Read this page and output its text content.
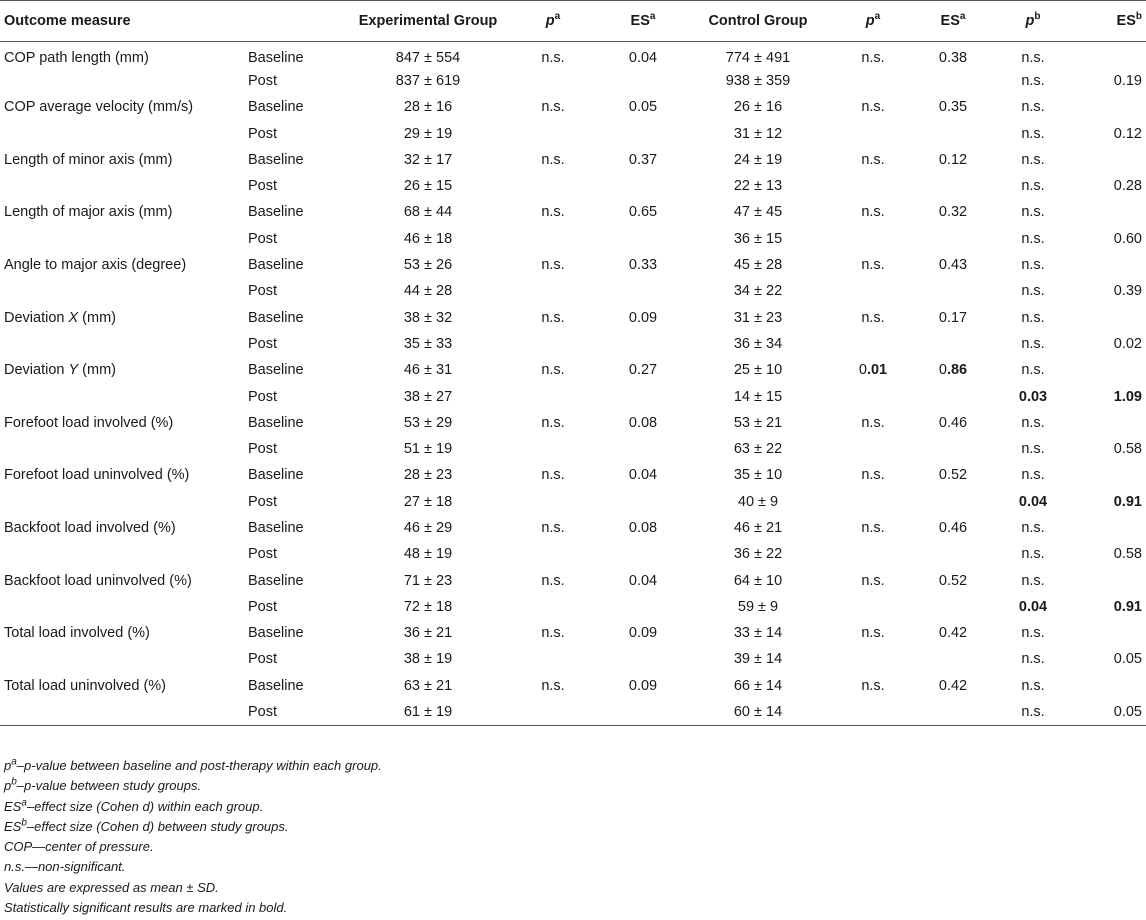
Outcome measure		Experimental Group	$p^a$	$ES^a$	Control Group	$p^a$	$ES^a$	$p^b$	$ES^b$
COP path length (mm)	Baseline	847 ± 554	n.s.	0.04	774 ± 491	n.s.	0.38	n.s.	
	Post	837 ± 619			938 ± 359			n.s.	0.19
COP average velocity (mm/s)	Baseline	28 ± 16	n.s.	0.05	26 ± 16	n.s.	0.35	n.s.	
	Post	29 ± 19			31 ± 12			n.s.	0.12
Length of minor axis (mm)	Baseline	32 ± 17	n.s.	0.37	24 ± 19	n.s.	0.12	n.s.	
	Post	26 ± 15			22 ± 13			n.s.	0.28
Length of major axis (mm)	Baseline	68 ± 44	n.s.	0.65	47 ± 45	n.s.	0.32	n.s.	
	Post	46 ± 18			36 ± 15			n.s.	0.60
Angle to major axis (degree)	Baseline	53 ± 26	n.s.	0.33	45 ± 28	n.s.	0.43	n.s.	
	Post	44 ± 28			34 ± 22			n.s.	0.39
Deviation X (mm)	Baseline	38 ± 32	n.s.	0.09	31 ± 23	n.s.	0.17	n.s.	
	Post	35 ± 33			36 ± 34			n.s.	0.02
Deviation Y (mm)	Baseline	46 ± 31	n.s.	0.27	25 ± 10	0.01	0.86	n.s.	
	Post	38 ± 27			14 ± 15			0.03	1.09
Forefoot load involved (%)	Baseline	53 ± 29	n.s.	0.08	53 ± 21	n.s.	0.46	n.s.	
	Post	51 ± 19			63 ± 22			n.s.	0.58
Forefoot load uninvolved (%)	Baseline	28 ± 23	n.s.	0.04	35 ± 10	n.s.	0.52	n.s.	
	Post	27 ± 18			40 ± 9			0.04	0.91
Backfoot load involved (%)	Baseline	46 ± 29	n.s.	0.08	46 ± 21	n.s.	0.46	n.s.	
	Post	48 ± 19			36 ± 22			n.s.	0.58
Backfoot load uninvolved (%)	Baseline	71 ± 23	n.s.	0.04	64 ± 10	n.s.	0.52	n.s.	
	Post	72 ± 18			59 ± 9			0.04	0.91
Total load involved (%)	Baseline	36 ± 21	n.s.	0.09	33 ± 14	n.s.	0.42	n.s.	
	Post	38 ± 19			39 ± 14			n.s.	0.05
Total load uninvolved (%)	Baseline	63 ± 21	n.s.	0.09	66 ± 14	n.s.	0.42	n.s.	
	Post	61 ± 19			60 ± 14			n.s.	0.05
$p^a-p$-value between baseline and post-therapy within each group.
$p^b-p$-value between study groups.
$ES^a$–effect size (Cohen d) within each group.
$ES^b$–effect size (Cohen d) between study groups.
COP—center of pressure.
n.s.—non-significant.
Values are expressed as mean ± SD.
Statistically significant results are marked in bold.
